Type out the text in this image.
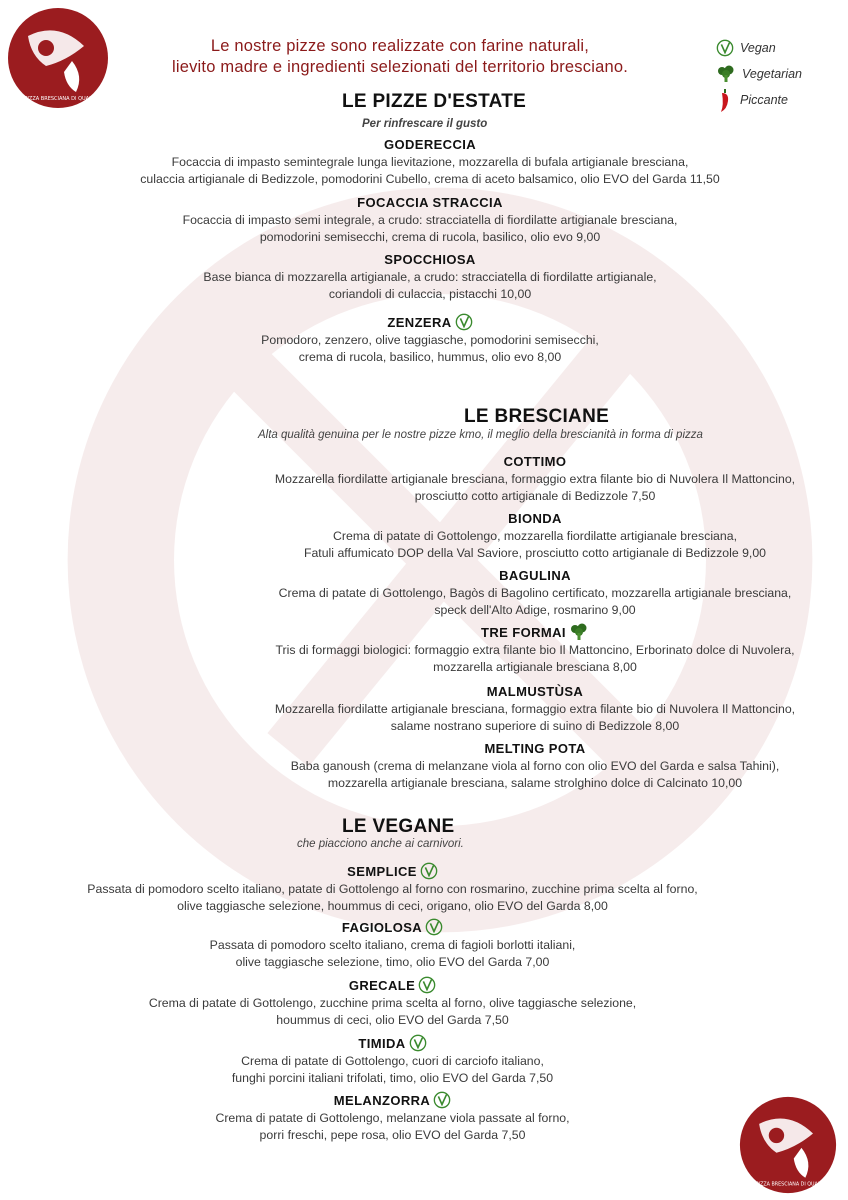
LA PIZZA BRESCIANA DI QUALITÀ
LA PIZZA BRESCIANA DI QUALITÀ
Le nostre pizze sono realizzate con farine naturali,
lievito madre e ingredienti selezionati del territorio bresciano.
Vegan
Vegetarian
Piccante
LE PIZZE D'ESTATE
Per rinfrescare il gusto
GODERECCIA
Focaccia di impasto semintegrale lunga lievitazione, mozzarella di bufala artigianale bresciana,
culaccia artigianale di Bedizzole, pomodorini Cubello, crema di aceto balsamico, olio EVO del Garda 11,50
FOCACCIA STRACCIA
Focaccia di impasto semi integrale, a crudo: stracciatella di fiordilatte artigianale bresciana,
pomodorini semisecchi, crema di rucola, basilico, olio evo 9,00
SPOCCHIOSA
Base bianca di mozzarella artigianale, a crudo: stracciatella di fiordilatte artigianale,
coriandoli di culaccia, pistacchi 10,00
ZENZERA
Pomodoro, zenzero, olive taggiasche, pomodorini semisecchi,
crema di rucola, basilico, hummus, olio evo 8,00
LE BRESCIANE
Alta qualità genuina per le nostre pizze kmo, il meglio della brescianità in forma di pizza
COTTIMO
Mozzarella fiordilatte artigianale bresciana, formaggio extra filante bio di Nuvolera Il Mattoncino,
prosciutto cotto artigianale di Bedizzole 7,50
BIONDA
Crema di patate di Gottolengo, mozzarella fiordilatte artigianale bresciana,
Fatuli affumicato DOP della Val Saviore, prosciutto cotto artigianale di Bedizzole 9,00
BAGULINA
Crema di patate di Gottolengo, Bagòs di Bagolino certificato, mozzarella artigianale bresciana,
speck dell'Alto Adige, rosmarino 9,00
TRE FORMAI
Tris di formaggi biologici: formaggio extra filante bio Il Mattoncino, Erborinato dolce di Nuvolera,
mozzarella artigianale bresciana 8,00
MALMUSTÙSA
Mozzarella fiordilatte artigianale bresciana, formaggio extra filante bio di Nuvolera Il Mattoncino,
salame nostrano superiore di suino di Bedizzole 8,00
MELTING POTA
Baba ganoush (crema di melanzane viola al forno con olio EVO del Garda e salsa Tahini),
mozzarella artigianale bresciana, salame strolghino dolce di Calcinato 10,00
LE VEGANE
che piacciono anche ai carnivori.
SEMPLICE
Passata di pomodoro scelto italiano, patate di Gottolengo al forno con rosmarino, zucchine prima scelta al forno,
olive taggiasche selezione, hoummus di ceci, origano, olio EVO del Garda 8,00
FAGIOLOSA
Passata di pomodoro scelto italiano, crema di fagioli borlotti italiani,
olive taggiasche selezione, timo, olio EVO del Garda 7,00
GRECALE
Crema di patate di Gottolengo, zucchine prima scelta al forno, olive taggiasche selezione,
hoummus di ceci, olio EVO del Garda 7,50
TIMIDA
Crema di patate di Gottolengo, cuori di carciofo italiano,
funghi porcini italiani trifolati, timo, olio EVO del Garda 7,50
MELANZORRA
Crema di patate di Gottolengo, melanzane viola passate al forno,
porri freschi, pepe rosa, olio EVO del Garda 7,50
